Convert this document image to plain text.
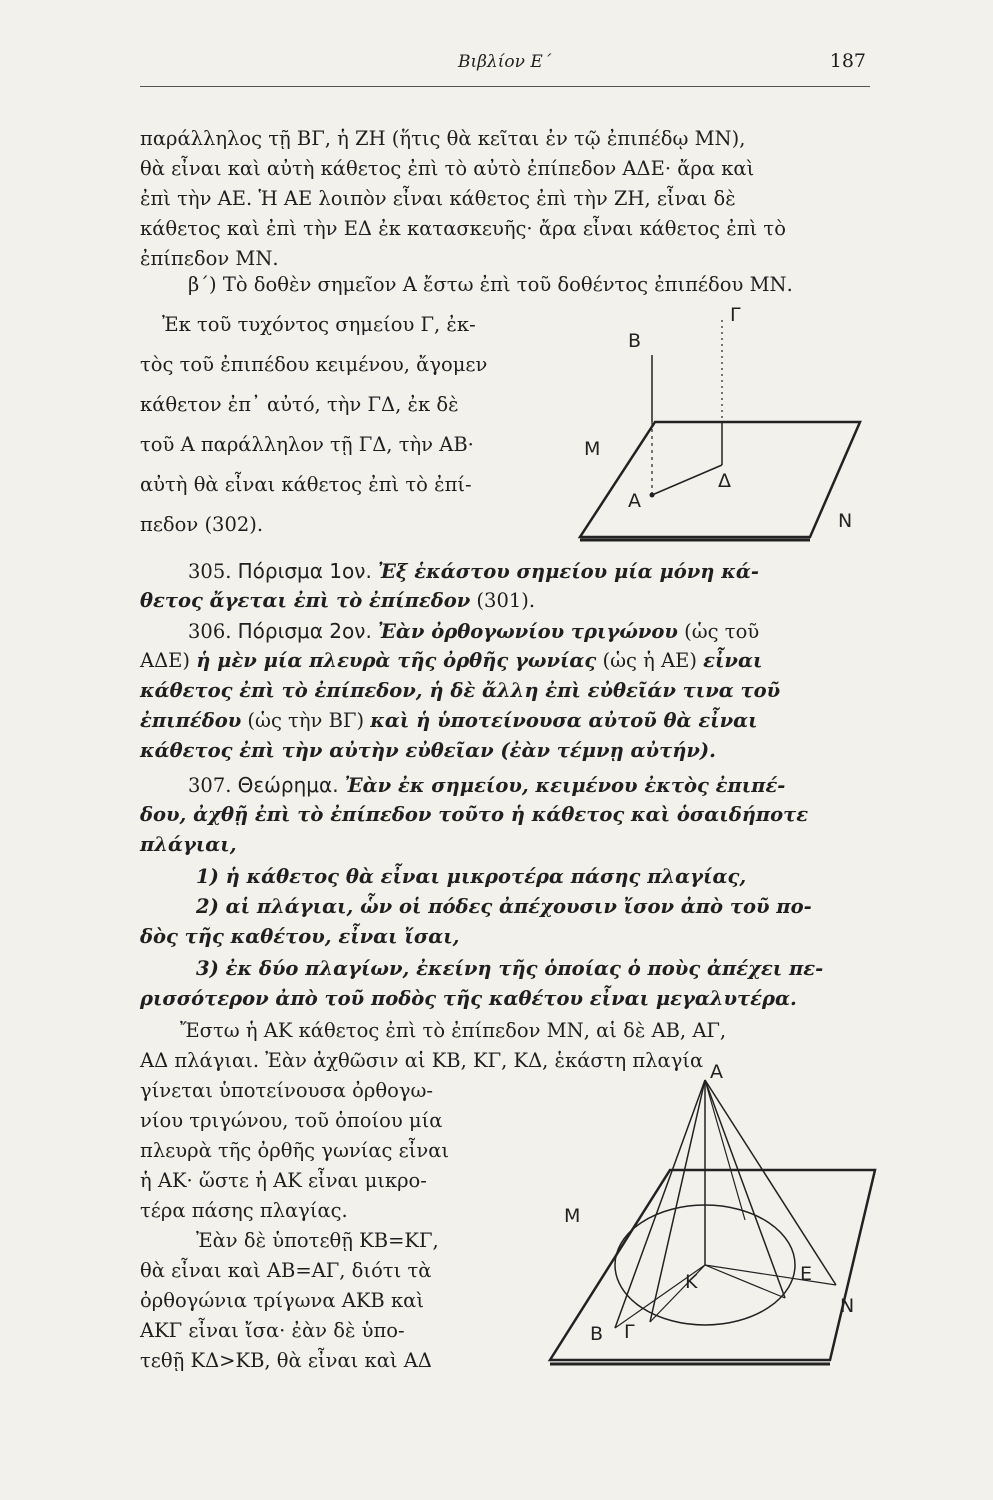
Βιβλίον Ε΄	187
παράλληλος τῇ ΒΓ, ἡ ΖΗ (ἥτις θὰ κεῖται ἐν τῷ ἐπιπέδῳ ΜΝ),
θὰ εἶναι καὶ αὐτὴ κάθετος ἐπὶ τὸ αὐτὸ ἐπίπεδον ΑΔΕ· ἄρα καὶ
ἐπὶ τὴν ΑΕ. Ἡ ΑΕ λοιπὸν εἶναι κάθετος ἐπὶ τὴν ΖΗ, εἶναι δὲ
κάθετος καὶ ἐπὶ τὴν ΕΔ ἐκ κατασκευῆς· ἄρα εἶναι κάθετος ἐπὶ τὸ
ἐπίπεδον ΜΝ.
β΄) Τὸ δοθὲν σημεῖον Α ἔστω ἐπὶ τοῦ δοθέντος ἐπιπέδου ΜΝ.
Ἐκ τοῦ τυχόντος σημείου Γ, ἐκ-
τὸς τοῦ ἐπιπέδου κειμένου, ἄγομεν
κάθετον ἐπ᾽ αὐτό, τὴν ΓΔ, ἐκ δὲ
τοῦ Α παράλληλον τῇ ΓΔ, τὴν ΑΒ·
αὐτὴ θὰ εἶναι κάθετος ἐπὶ τὸ ἐπί-
πεδον (302).
B
Γ
M
A
Δ
N
305. Πόρισμα 1ον. Ἐξ ἑκάστου σημείου μία μόνη κά-
θετος ἄγεται ἐπὶ τὸ ἐπίπεδον (301).
306. Πόρισμα 2ον. Ἐὰν ὀρθογωνίου τριγώνου (ὡς τοῦ
ΑΔΕ) ἡ μὲν μία πλευρὰ τῆς ὀρθῆς γωνίας (ὡς ἡ ΑΕ) εἶναι
κάθετος ἐπὶ τὸ ἐπίπεδον, ἡ δὲ ἄλλη ἐπὶ εὐθεῖάν τινα τοῦ
ἐπιπέδου (ὡς τὴν ΒΓ) καὶ ἡ ὑποτείνουσα αὐτοῦ θὰ εἶναι
κάθετος ἐπὶ τὴν αὐτὴν εὐθεῖαν (ἐὰν τέμνῃ αὐτήν).
307. Θεώρημα. Ἐὰν ἐκ σημείου, κειμένου ἐκτὸς ἐπιπέ-
δου, ἀχθῇ ἐπὶ τὸ ἐπίπεδον τοῦτο ἡ κάθετος καὶ ὁσαιδήποτε
πλάγιαι,
1) ἡ κάθετος θὰ εἶναι μικροτέρα πάσης πλαγίας,
2) αἱ πλάγιαι, ὧν οἱ πόδες ἀπέχουσιν ἴσον ἀπὸ τοῦ πο-
δὸς τῆς καθέτου, εἶναι ἴσαι,
3) ἐκ δύο πλαγίων, ἐκείνη τῆς ὁποίας ὁ ποὺς ἀπέχει πε-
ρισσότερον ἀπὸ τοῦ ποδὸς τῆς καθέτου εἶναι μεγαλυτέρα.
Ἔστω ἡ ΑΚ κάθετος ἐπὶ τὸ ἐπίπεδον ΜΝ, αἱ δὲ ΑΒ, ΑΓ,
ΑΔ πλάγιαι. Ἐὰν ἀχθῶσιν αἱ ΚΒ, ΚΓ, ΚΔ, ἑκάστη πλαγία
γίνεται ὑποτείνουσα ὀρθογω-
νίου τριγώνου, τοῦ ὁποίου μία
πλευρὰ τῆς ὀρθῆς γωνίας εἶναι
ἡ ΑΚ· ὥστε ἡ ΑΚ εἶναι μικρο-
τέρα πάσης πλαγίας.
Ἐὰν δὲ ὑποτεθῇ ΚΒ=ΚΓ,
θὰ εἶναι καὶ ΑΒ=ΑΓ, διότι τὰ
ὀρθογώνια τρίγωνα ΑΚΒ καὶ
ΑΚΓ εἶναι ἴσα· ἐὰν δὲ ὑπο-
τεθῇ ΚΔ>ΚΒ, θὰ εἶναι καὶ ΑΔ
A
M
K	E
B Γ
N
